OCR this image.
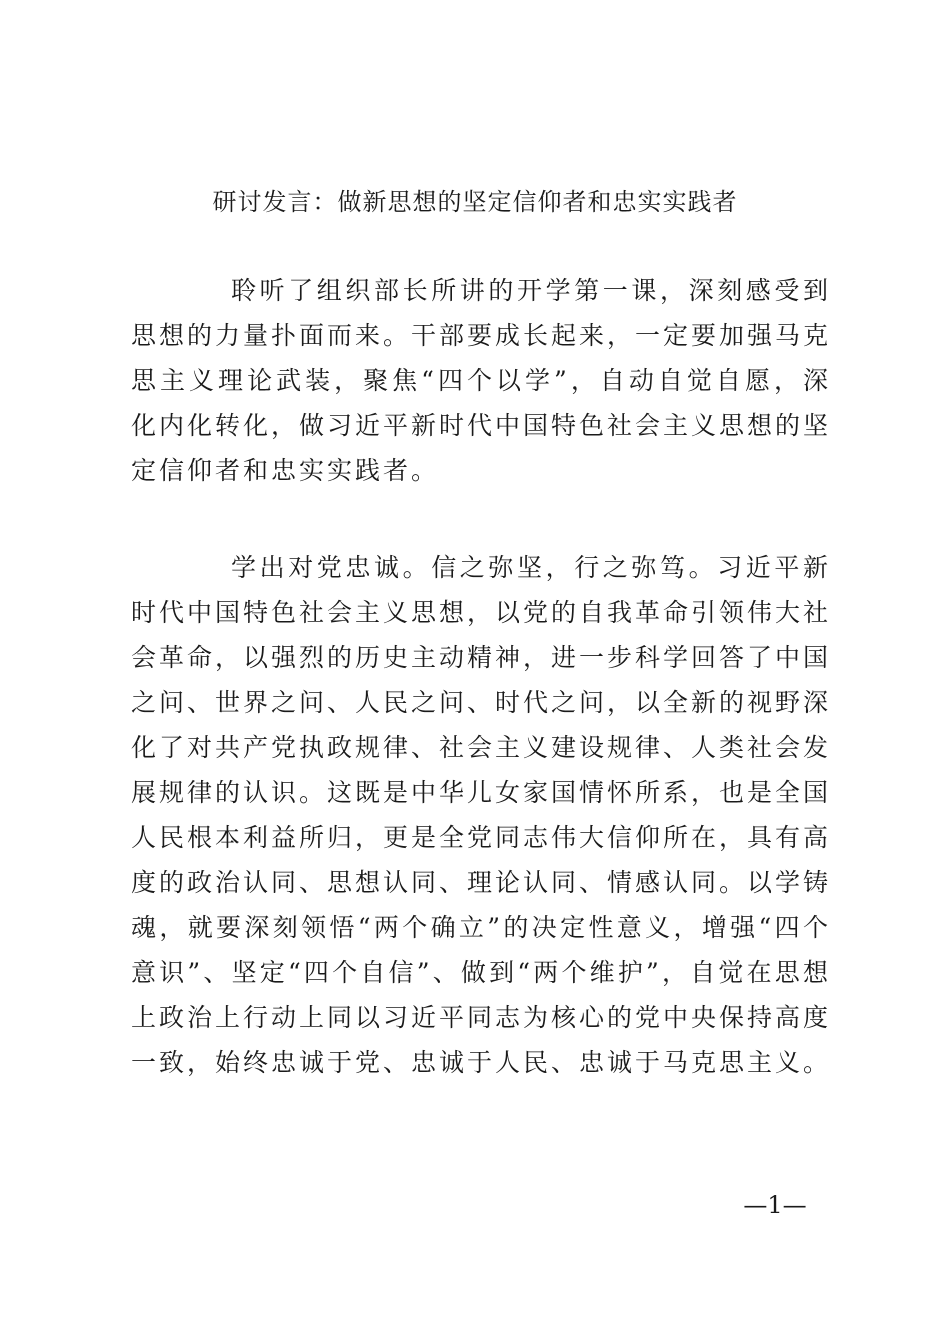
研讨发言：做新思想的坚定信仰者和忠实实践者

聆听了组织部长所讲的开学第一课，深刻感受到思想的力量扑面而来。干部要成长起来，一定要加强马克思主义理论武装，聚焦“四个以学”，自动自觉自愿，深化内化转化，做习近平新时代中国特色社会主义思想的坚定信仰者和忠实实践者。

学出对党忠诚。信之弥坚，行之弥笃。习近平新时代中国特色社会主义思想，以党的自我革命引领伟大社会革命，以强烈的历史主动精神，进一步科学回答了中国之问、世界之问、人民之问、时代之问，以全新的视野深化了对共产党执政规律、社会主义建设规律、人类社会发展规律的认识。这既是中华儿女家国情怀所系，也是全国人民根本利益所归，更是全党同志伟大信仰所在，具有高度的政治认同、思想认同、理论认同、情感认同。以学铸魂，就要深刻领悟“两个确立”的决定性意义，增强“四个意识”、坚定“四个自信”、做到“两个维护”，自觉在思想上政治上行动上同以习近平同志为核心的党中央保持高度一致，始终忠诚于党、忠诚于人民、忠诚于马克思主义。

—1—
